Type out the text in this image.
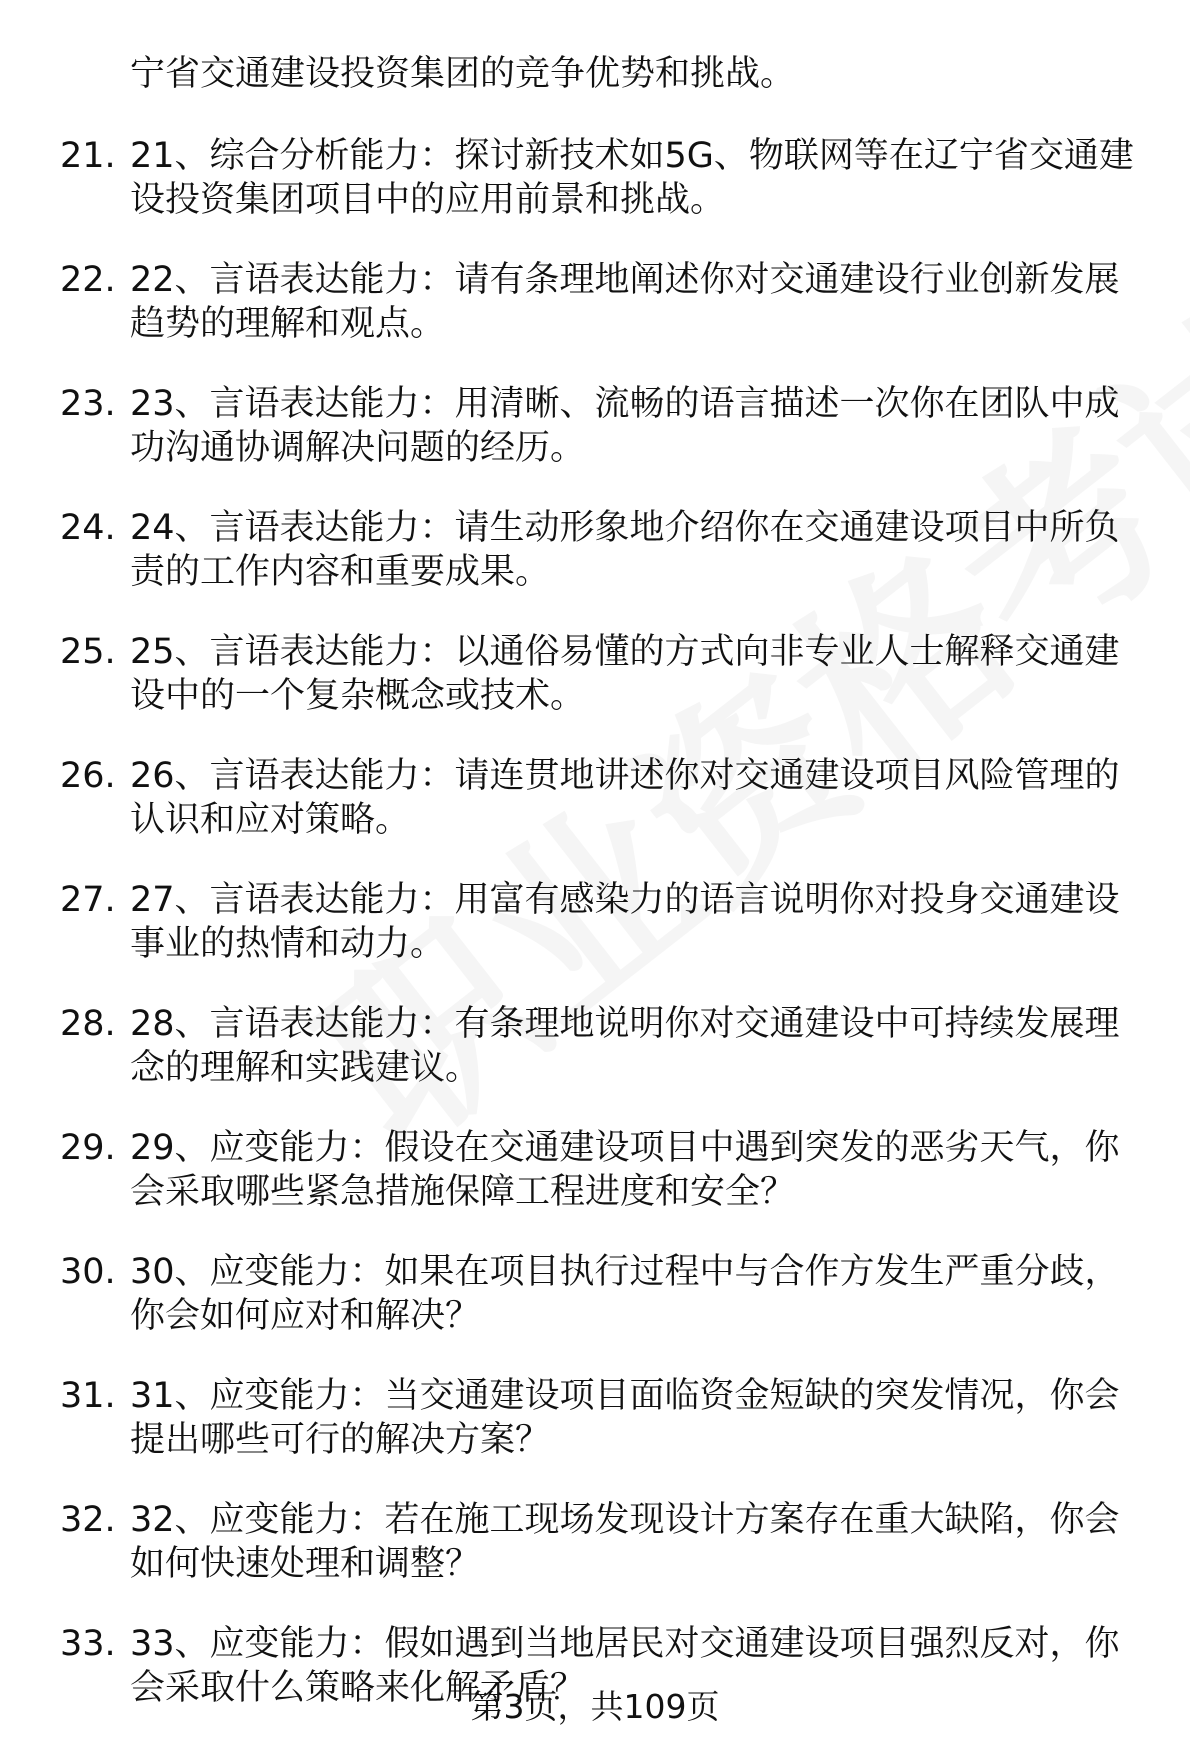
宁省交通建设投资集团的竞争优势和挑战。
21. 21、综合分析能力：探讨新技术如5G、物联网等在辽宁省交通建
设投资集团项目中的应用前景和挑战。
22. 22、言语表达能力：请有条理地阐述你对交通建设行业创新发展
趋势的理解和观点。
23. 23、言语表达能力：用清晰、流畅的语言描述一次你在团队中成
功沟通协调解决问题的经历。
24. 24、言语表达能力：请生动形象地介绍你在交通建设项目中所负
责的工作内容和重要成果。
25. 25、言语表达能力：以通俗易懂的方式向非专业人士解释交通建
设中的一个复杂概念或技术。
26. 26、言语表达能力：请连贯地讲述你对交通建设项目风险管理的
认识和应对策略。
27. 27、言语表达能力：用富有感染力的语言说明你对投身交通建设
事业的热情和动力。
28. 28、言语表达能力：有条理地说明你对交通建设中可持续发展理
念的理解和实践建议。
29. 29、应变能力：假设在交通建设项目中遇到突发的恶劣天气，你
会采取哪些紧急措施保障工程进度和安全？
30. 30、应变能力：如果在项目执行过程中与合作方发生严重分歧，
你会如何应对和解决？
31. 31、应变能力：当交通建设项目面临资金短缺的突发情况，你会
提出哪些可行的解决方案？
32. 32、应变能力：若在施工现场发现设计方案存在重大缺陷，你会
如何快速处理和调整？
33. 33、应变能力：假如遇到当地居民对交通建设项目强烈反对，你
会采取什么策略来化解矛盾？
第3页，共109页
